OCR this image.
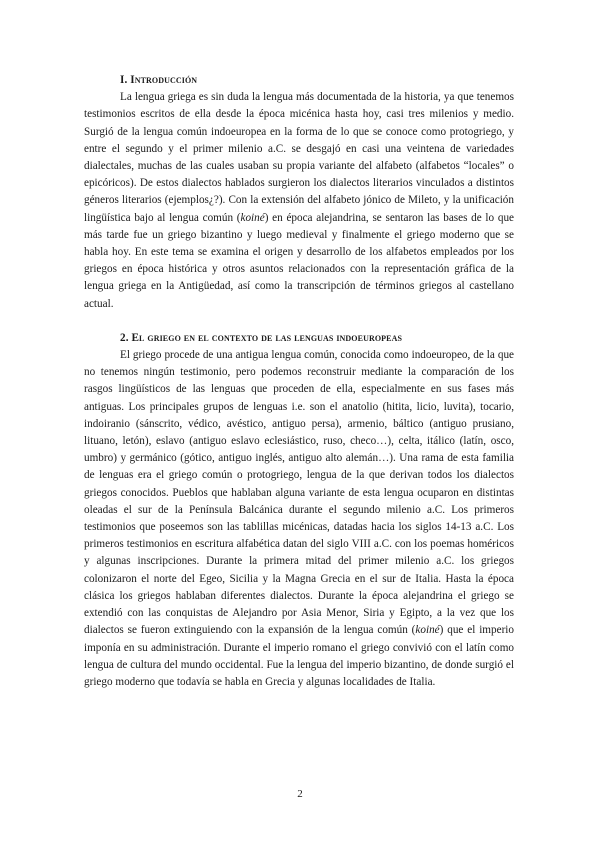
I. Introducción

La lengua griega es sin duda la lengua más documentada de la historia, ya que tenemos testimonios escritos de ella desde la época micénica hasta hoy, casi tres milenios y medio. Surgió de la lengua común indoeuropea en la forma de lo que se conoce como protogriego, y entre el segundo y el primer milenio a.C. se desgajó en casi una veintena de variedades dialectales, muchas de las cuales usaban su propia variante del alfabeto (alfabetos “locales” o epicóricos). De estos dialectos hablados surgieron los dialectos literarios vinculados a distintos géneros literarios (ejemplos¿?). Con la extensión del alfabeto jónico de Mileto, y la unificación lingüística bajo al lengua común (koiné) en época alejandrina, se sentaron las bases de lo que más tarde fue un griego bizantino y luego medieval y finalmente el griego moderno que se habla hoy. En este tema se examina el origen y desarrollo de los alfabetos empleados por los griegos en época histórica y otros asuntos relacionados con la representación gráfica de la lengua griega en la Antigüedad, así como la transcripción de términos griegos al castellano actual.

2. El griego en el contexto de las lenguas indoeuropeas

El griego procede de una antigua lengua común, conocida como indoeuropeo, de la que no tenemos ningún testimonio, pero podemos reconstruir mediante la comparación de los rasgos lingüísticos de las lenguas que proceden de ella, especialmente en sus fases más antiguas. Los principales grupos de lenguas i.e. son el anatolio (hitita, licio, luvita), tocario, indoiranio (sánscrito, védico, avéstico, antiguo persa), armenio, báltico (antiguo prusiano, lituano, letón), eslavo (antiguo eslavo eclesiástico, ruso, checo…), celta, itálico (latín, osco, umbro) y germánico (gótico, antiguo inglés, antiguo alto alemán…). Una rama de esta familia de lenguas era el griego común o protogriego, lengua de la que derivan todos los dialectos griegos conocidos. Pueblos que hablaban alguna variante de esta lengua ocuparon en distintas oleadas el sur de la Península Balcánica durante el segundo milenio a.C. Los primeros testimonios que poseemos son las tablillas micénicas, datadas hacia los siglos 14-13 a.C. Los primeros testimonios en escritura alfabética datan del siglo VIII a.C. con los poemas homéricos y algunas inscripciones. Durante la primera mitad del primer milenio a.C. los griegos colonizaron el norte del Egeo, Sicilia y la Magna Grecia en el sur de Italia. Hasta la época clásica los griegos hablaban diferentes dialectos. Durante la época alejandrina el griego se extendió con las conquistas de Alejandro por Asia Menor, Siria y Egipto, a la vez que los dialectos se fueron extinguiendo con la expansión de la lengua común (koiné) que el imperio imponía en su administración. Durante el imperio romano el griego convivió con el latín como lengua de cultura del mundo occidental. Fue la lengua del imperio bizantino, de donde surgió el griego moderno que todavía se habla en Grecia y algunas localidades de Italia.

2
